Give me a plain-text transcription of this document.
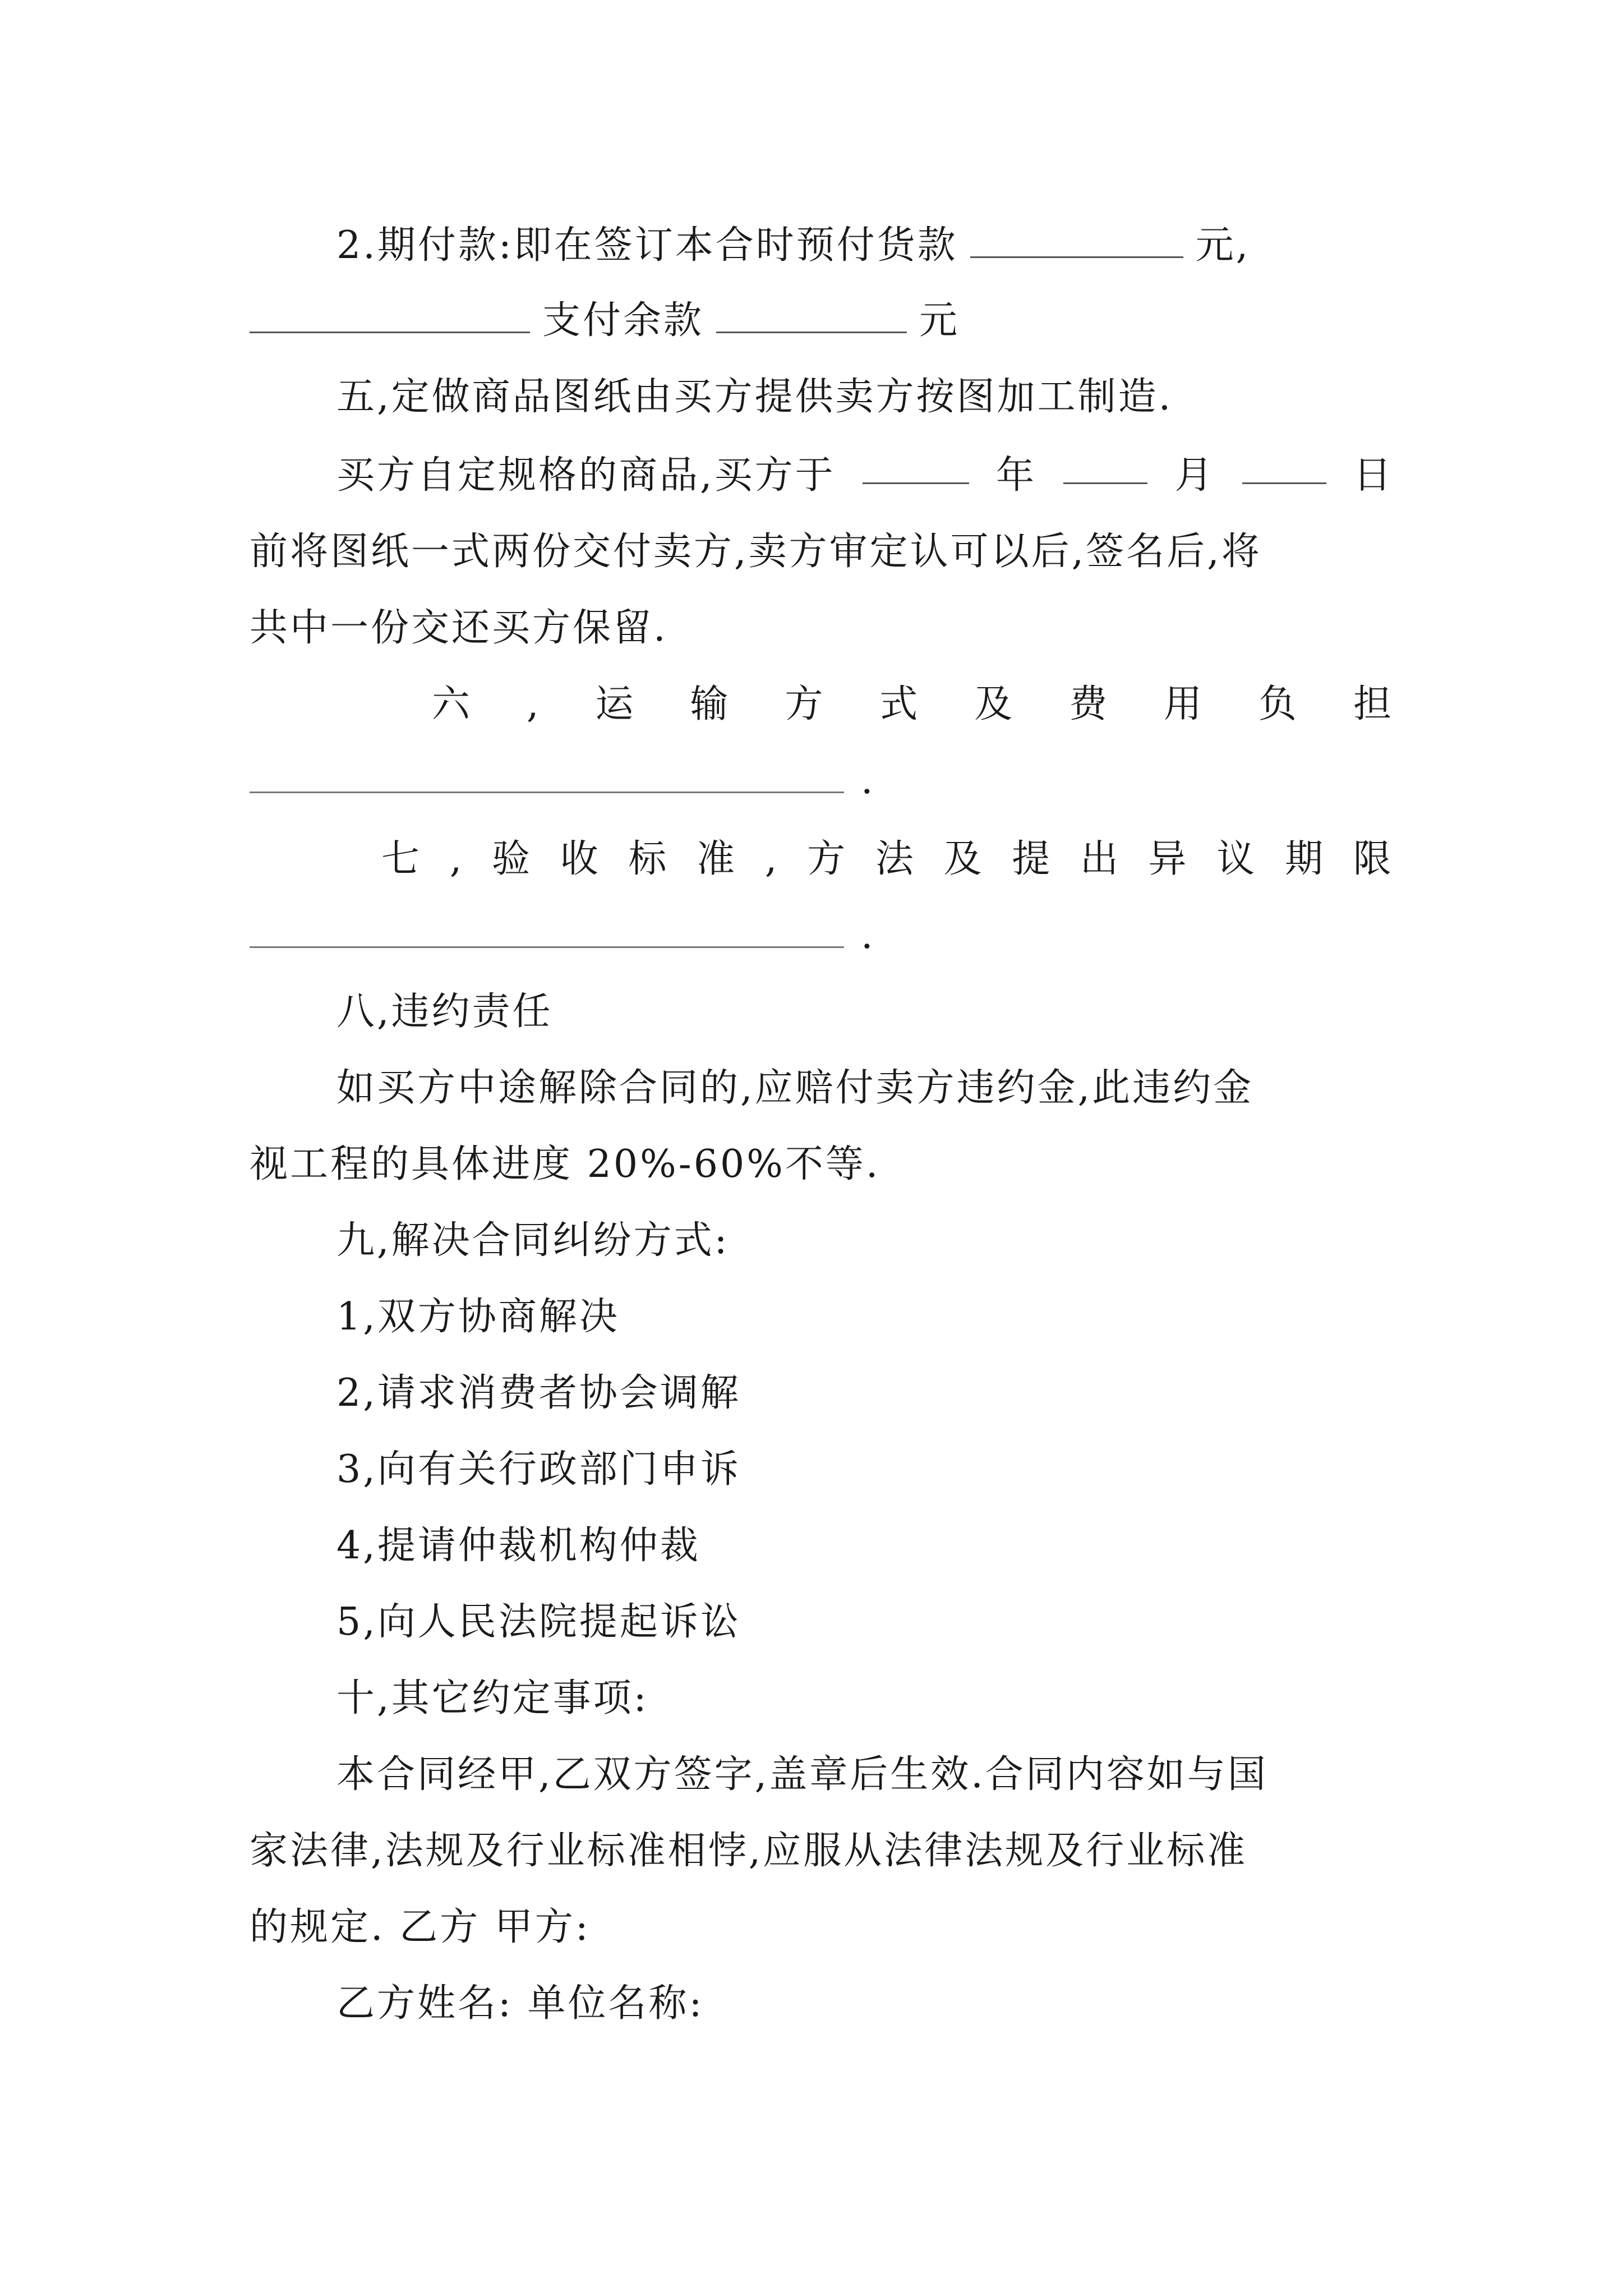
2.期付款:即在签订本合时预付货款	元,
支付余款	元
五,定做商品图纸由买方提供卖方按图加工制造.
买方自定规格的商品,买方于	年	月	日
前将图纸一式两份交付卖方,卖方审定认可以后,签名后,将
共中一份交还买方保留.
六 , 运 输 方 式 及 费 用 负 担
.
七 , 验 收 标 准 , 方 法 及 提 出 异 议 期 限
.
八,违约责任
如买方中途解除合同的,应赔付卖方违约金,此违约金
视工程的具体进度 20%-60%不等.
九,解决合同纠纷方式:
1,双方协商解决
2,请求消费者协会调解
3,向有关行政部门申诉
4,提请仲裁机构仲裁
5,向人民法院提起诉讼
十,其它约定事项:
本合同经甲,乙双方签字,盖章后生效.合同内容如与国
家法律,法规及行业标准相悖,应服从法律法规及行业标准
的规定. 乙方 甲方:
乙方姓名: 单位名称:
